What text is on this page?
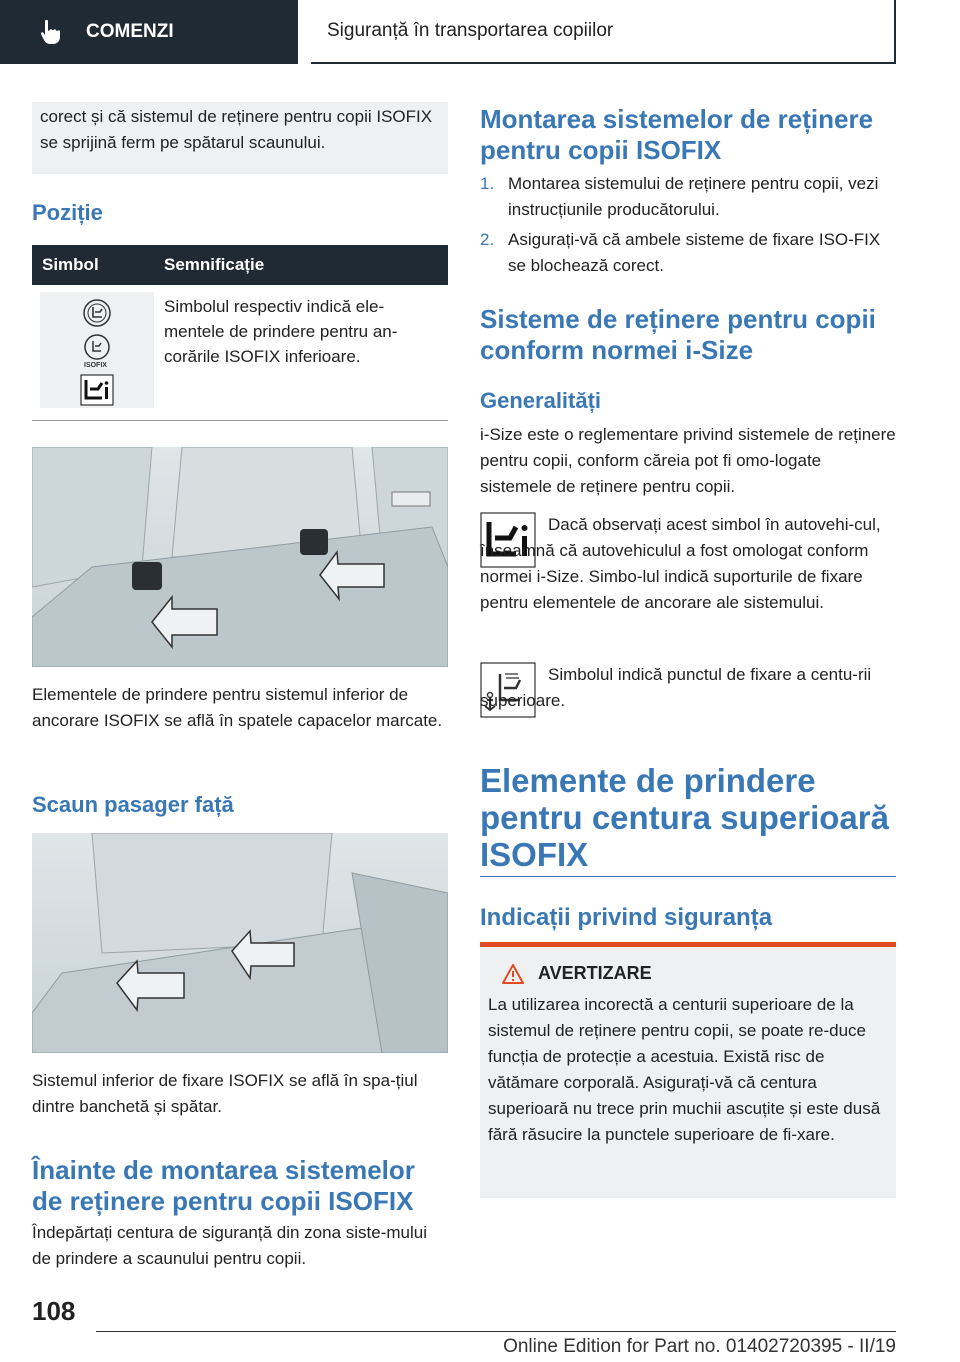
COMENZI	Siguranță în transportarea copiilor
corect și că sistemul de reținere pentru copii ISOFIX se sprijină ferm pe spătarul scaunului.
Poziție
Simbol	Semnificație
ISOFIX
Simbolul respectiv indică ele-mentele de prindere pentru an-corările ISOFIX inferioare.
Elementele de prindere pentru sistemul inferior de ancorare ISOFIX se află în spatele capacelor marcate.
Scaun pasager față
Sistemul inferior de fixare ISOFIX se află în spa-țiul dintre banchetă și spătar.
Înainte de montarea sistemelor de reținere pentru copii ISOFIX
Îndepărtați centura de siguranță din zona siste-mului de prindere a scaunului pentru copii.
Montarea sistemelor de reținere pentru copii ISOFIX
1. Montarea sistemului de reținere pentru copii, vezi instrucțiunile producătorului.
2. Asigurați-vă că ambele sisteme de fixare ISO-FIX se blochează corect.
Sisteme de reținere pentru copii conform normei i-Size
Generalități
i-Size este o reglementare privind sistemele de reținere pentru copii, conform căreia pot fi omo-logate sistemele de reținere pentru copii.
Dacă observați acest simbol în autovehi-cul, înseamnă că autovehiculul a fost omologat conform normei i-Size. Simbo-lul indică suporturile de fixare pentru elementele de ancorare ale sistemului.
Simbolul indică punctul de fixare a centu-rii superioare.
Elemente de prindere pentru centura superioară ISOFIX
Indicații privind siguranța
AVERTIZARE
La utilizarea incorectă a centurii superioare de la sistemul de reținere pentru copii, se poate re-duce funcția de protecție a acestuia. Există risc de vătămare corporală. Asigurați-vă că centura superioară nu trece prin muchii ascuțite și este dusă fără răsucire la punctele superioare de fi-xare.
108
Online Edition for Part no. 01402720395 - II/19
